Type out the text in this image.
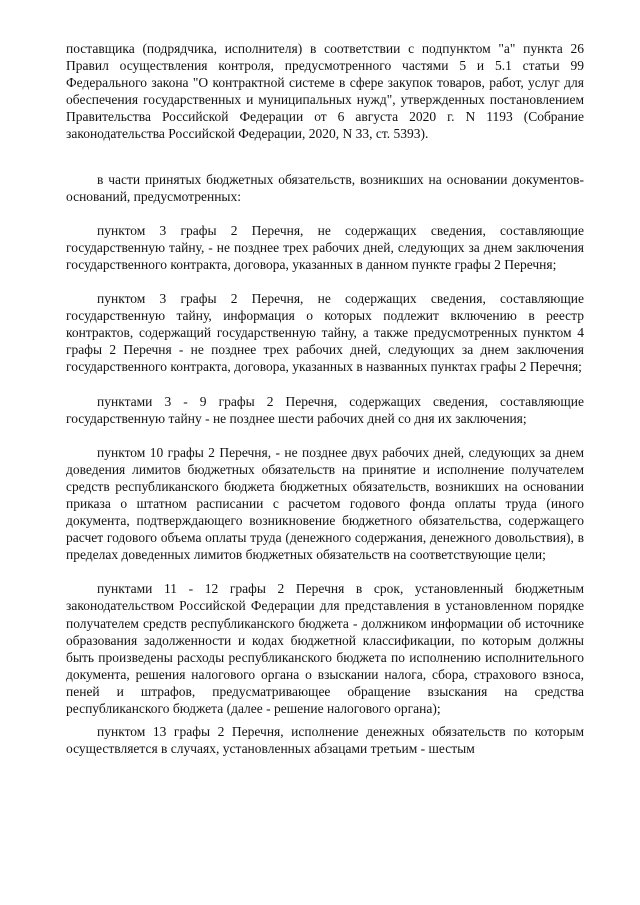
поставщика (подрядчика, исполнителя) в соответствии с подпунктом "а" пункта 26 Правил осуществления контроля, предусмотренного частями 5 и 5.1 статьи 99 Федерального закона "О контрактной системе в сфере закупок товаров, работ, услуг для обеспечения государственных и муниципальных нужд", утвержденных постановлением Правительства Российской Федерации от 6 августа 2020 г. N 1193 (Собрание законодательства Российской Федерации, 2020, N 33, ст. 5393).

в части принятых бюджетных обязательств, возникших на основании документов-оснований, предусмотренных:

пунктом 3 графы 2 Перечня, не содержащих сведения, составляющие государственную тайну, - не позднее трех рабочих дней, следующих за днем заключения государственного контракта, договора, указанных в данном пункте графы 2 Перечня;

пунктом 3 графы 2 Перечня, не содержащих сведения, составляющие государственную тайну, информация о которых подлежит включению в реестр контрактов, содержащий государственную тайну, а также предусмотренных пунктом 4 графы 2 Перечня - не позднее трех рабочих дней, следующих за днем заключения государственного контракта, договора, указанных в названных пунктах графы 2 Перечня;

пунктами 3 - 9 графы 2 Перечня, содержащих сведения, составляющие государственную тайну - не позднее шести рабочих дней со дня их заключения;

пунктом 10 графы 2 Перечня, - не позднее двух рабочих дней, следующих за днем доведения лимитов бюджетных обязательств на принятие и исполнение получателем средств республиканского бюджета бюджетных обязательств, возникших на основании приказа о штатном расписании с расчетом годового фонда оплаты труда (иного документа, подтверждающего возникновение бюджетного обязательства, содержащего расчет годового объема оплаты труда (денежного содержания, денежного довольствия), в пределах доведенных лимитов бюджетных обязательств на соответствующие цели;

пунктами 11 - 12 графы 2 Перечня в срок, установленный бюджетным законодательством Российской Федерации для представления в установленном порядке получателем средств республиканского бюджета - должником информации об источнике образования задолженности и кодах бюджетной классификации, по которым должны быть произведены расходы республиканского бюджета по исполнению исполнительного документа, решения налогового органа о взыскании налога, сбора, страхового взноса, пеней и штрафов, предусматривающее обращение взыскания на средства республиканского бюджета (далее - решение налогового органа);

пунктом 13 графы 2 Перечня, исполнение денежных обязательств по которым осуществляется в случаях, установленных абзацами третьим - шестым
